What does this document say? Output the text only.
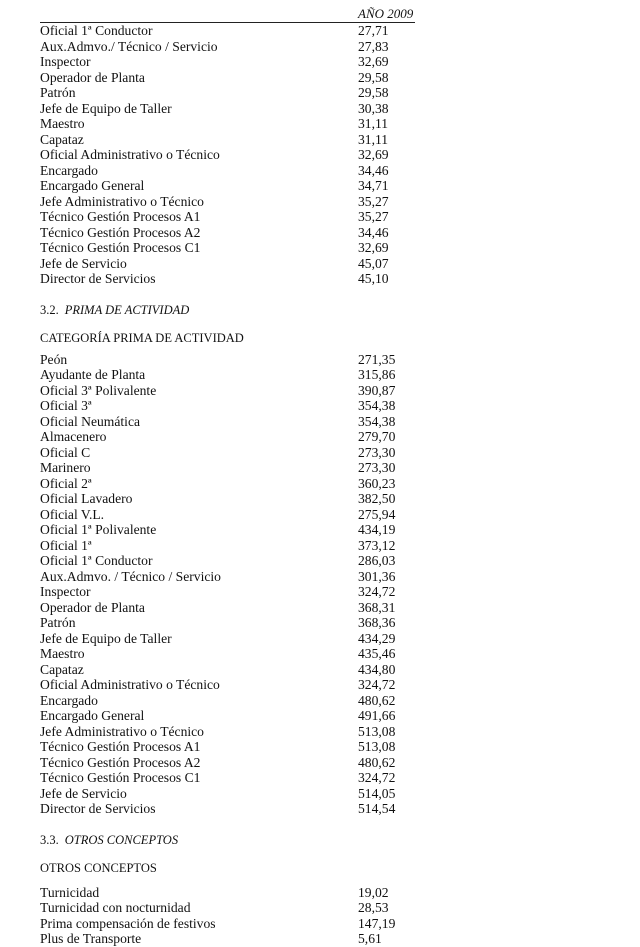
AÑO 2009
Oficial 1ª Conductor	27,71
Aux.Admvo./ Técnico / Servicio	27,83
Inspector	32,69
Operador de Planta	29,58
Patrón	29,58
Jefe de Equipo de Taller	30,38
Maestro	31,11
Capataz	31,11
Oficial Administrativo o Técnico	32,69
Encargado	34,46
Encargado General	34,71
Jefe Administrativo o Técnico	35,27
Técnico Gestión Procesos A1	35,27
Técnico Gestión Procesos A2	34,46
Técnico Gestión Procesos C1	32,69
Jefe de Servicio	45,07
Director de Servicios	45,10
3.2. PRIMA DE ACTIVIDAD
CATEGORÍA PRIMA DE ACTIVIDAD
Peón	271,35
Ayudante de Planta	315,86
Oficial 3ª Polivalente	390,87
Oficial 3ª	354,38
Oficial Neumática	354,38
Almacenero	279,70
Oficial C	273,30
Marinero	273,30
Oficial 2ª	360,23
Oficial Lavadero	382,50
Oficial V.L.	275,94
Oficial 1ª Polivalente	434,19
Oficial 1ª	373,12
Oficial 1ª Conductor	286,03
Aux.Admvo. / Técnico / Servicio	301,36
Inspector	324,72
Operador de Planta	368,31
Patrón	368,36
Jefe de Equipo de Taller	434,29
Maestro	435,46
Capataz	434,80
Oficial Administrativo o Técnico	324,72
Encargado	480,62
Encargado General	491,66
Jefe Administrativo o Técnico	513,08
Técnico Gestión Procesos A1	513,08
Técnico Gestión Procesos A2	480,62
Técnico Gestión Procesos C1	324,72
Jefe de Servicio	514,05
Director de Servicios	514,54
3.3. OTROS CONCEPTOS
OTROS CONCEPTOS
Turnicidad	19,02
Turnicidad con nocturnidad	28,53
Prima compensación de festivos	147,19
Plus de Transporte	5,61
